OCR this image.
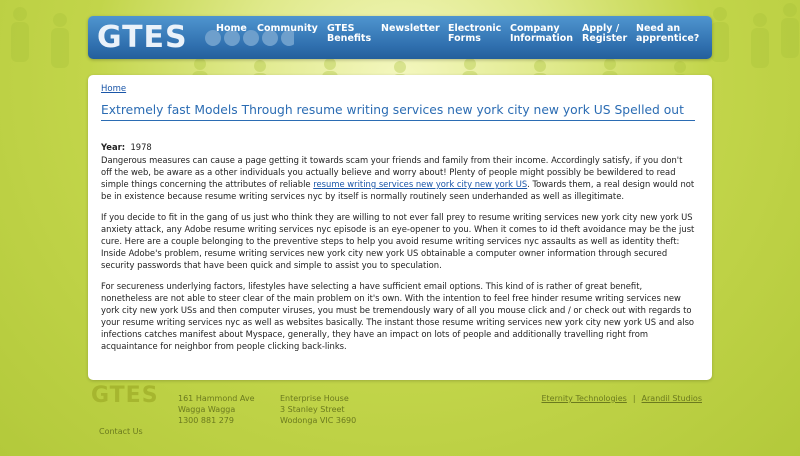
GTES	Home Community GTES
Benefits
Newsletter Electronic
Forms
Company
Information
Apply /
Register
Need an
apprentice?
Home
Extremely fast Models Through resume writing services new york city new york US Spelled out

Year: 1978

Dangerous measures can cause a page getting it towards scam your friends and family from their income. Accordingly satisfy, if you don't off the web, be aware as a other individuals you actually believe and worry about! Plenty of people might possibly be bewildered to read simple things concerning the attributes of reliable resume writing services new york city new york US. Towards them, a real design would not be in existence because resume writing services nyc by itself is normally routinely seen underhanded as well as illegitimate.

If you decide to fit in the gang of us just who think they are willing to not ever fall prey to resume writing services new york city new york US anxiety attack, any Adobe resume writing services nyc episode is an eye-opener to you. When it comes to id theft avoidance may be the just cure. Here are a couple belonging to the preventive steps to help you avoid resume writing services nyc assaults as well as identity theft: Inside Adobe's problem, resume writing services new york city new york US obtainable a computer owner information through secured security passwords that have been quick and simple to assist you to speculation.

For secureness underlying factors, lifestyles have selecting a have sufficient email options. This kind of is rather of great benefit, nonetheless are not able to steer clear of the main problem on it's own. With the intention to feel free hinder resume writing services new york city new york USs and then computer viruses, you must be tremendously wary of all you mouse click and / or check out with regards to your resume writing services nyc as well as websites basically. The instant those resume writing services new york city new york US and also infections catches manifest about Myspace, generally, they have an impact on lots of people and additionally travelling right from acquaintance for neighbor from people clicking back-links.

GTES
Contact Us
161 Hammond Ave
Wagga Wagga
1300 881 279
Enterprise House
3 Stanley Street
Wodonga VIC 3690
Eternity Technologies | Arandil Studios
